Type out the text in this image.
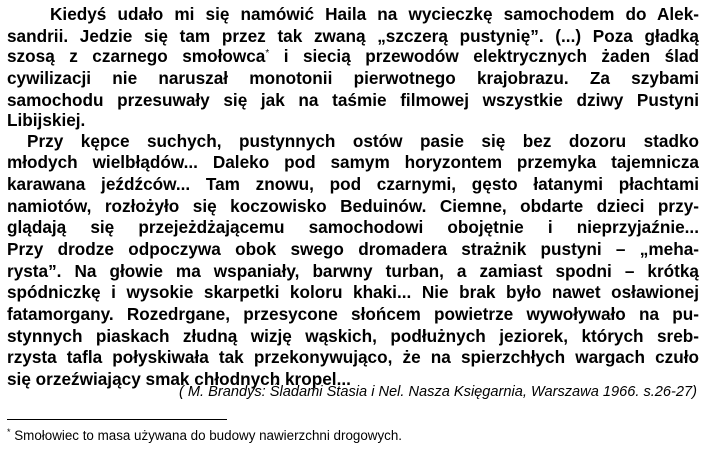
Kiedyś udało mi się namówić Haila na wycieczkę samochodem do Alek-
sandrii. Jedzie się tam przez tak zwaną „szczerą pustynię”. (...) Poza gładką
szosą z czarnego smołowca* i siecią przewodów elektrycznych żaden ślad
cywilizacji nie naruszał monotonii pierwotnego krajobrazu. Za szybami
samochodu przesuwały się jak na taśmie filmowej wszystkie dziwy Pustyni
Libijskiej.
Przy kępce suchych, pustynnych ostów pasie się bez dozoru stadko
młodych wielbłądów... Daleko pod samym horyzontem przemyka tajemnicza
karawana jeźdźców... Tam znowu, pod czarnymi, gęsto łatanymi płachtami
namiotów, rozłożyło się koczowisko Beduinów. Ciemne, obdarte dzieci przy-
glądają się przejeżdżającemu samochodowi obojętnie i nieprzyjaźnie...
Przy drodze odpoczywa obok swego dromadera strażnik pustyni – „meha-
rysta”. Na głowie ma wspaniały, barwny turban, a zamiast spodni – krótką
spódniczkę i wysokie skarpetki koloru khaki... Nie brak było nawet osławionej
fatamorgany. Rozedrgane, przesycone słońcem powietrze wywoływało na pu-
stynnych piaskach złudną wizję wąskich, podłużnych jeziorek, których sreb-
rzysta tafla połyskiwała tak przekonywująco, że na spierzchłych wargach czuło
się orzeźwiający smak chłodnych kropel...
( M. Brandys: Śladami Stasia i Nel. Nasza Księgarnia, Warszawa 1966. s.26-27)
* Smołowiec to masa używana do budowy nawierzchni drogowych.
